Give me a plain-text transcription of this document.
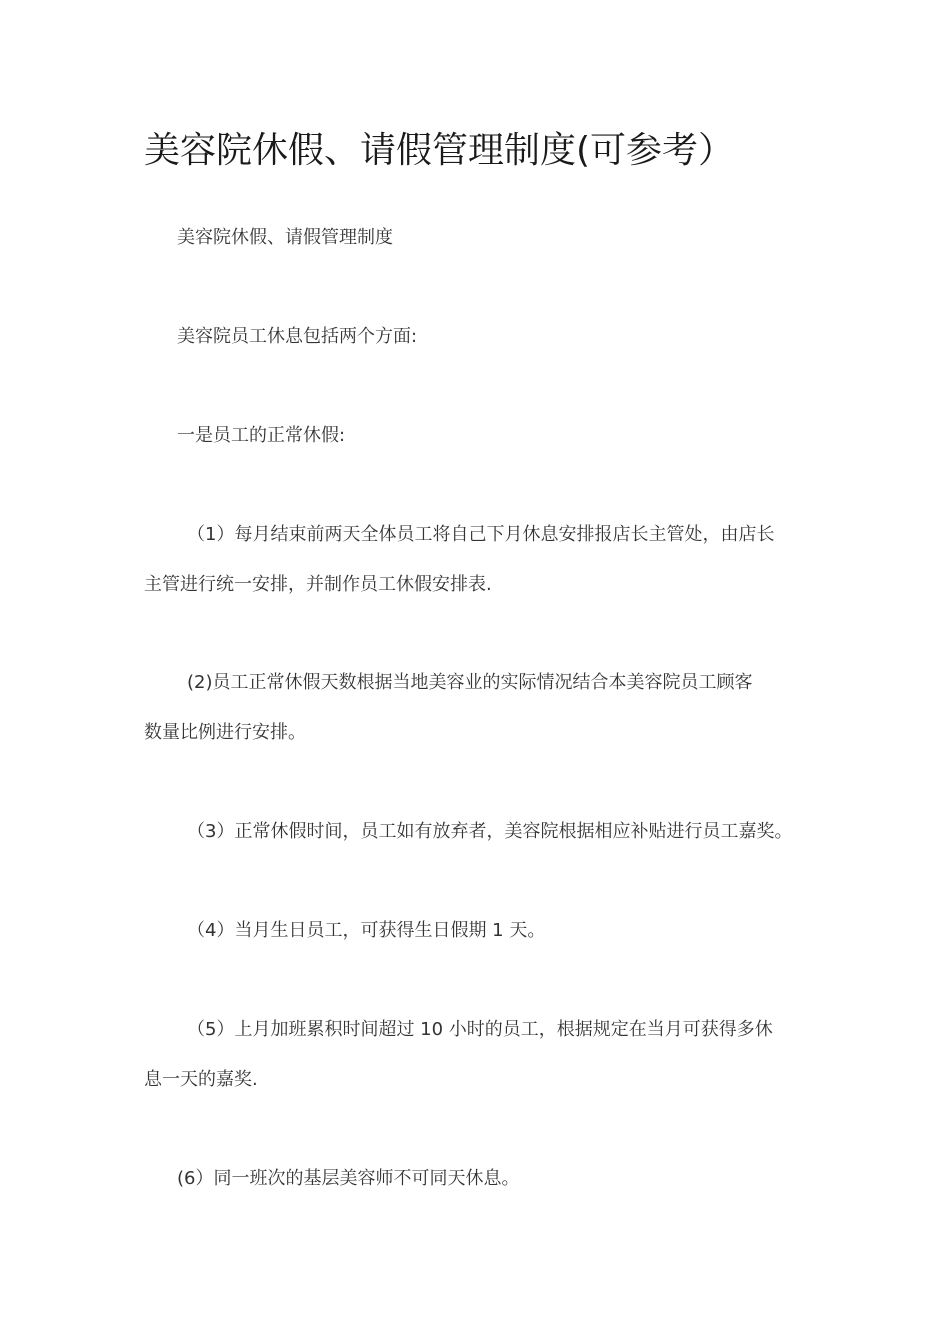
美容院休假、请假管理制度(可参考）
美容院休假、请假管理制度
美容院员工休息包括两个方面:
一是员工的正常休假:
（1）每月结束前两天全体员工将自己下月休息安排报店长主管处，由店长
主管进行统一安排，并制作员工休假安排表.
(2)员工正常休假天数根据当地美容业的实际情况结合本美容院员工顾客
数量比例进行安排。
（3）正常休假时间，员工如有放弃者，美容院根据相应补贴进行员工嘉奖。
（4）当月生日员工，可获得生日假期 1 天。
（5）上月加班累积时间超过 10 小时的员工，根据规定在当月可获得多休
息一天的嘉奖.
(6）同一班次的基层美容师不可同天休息。
